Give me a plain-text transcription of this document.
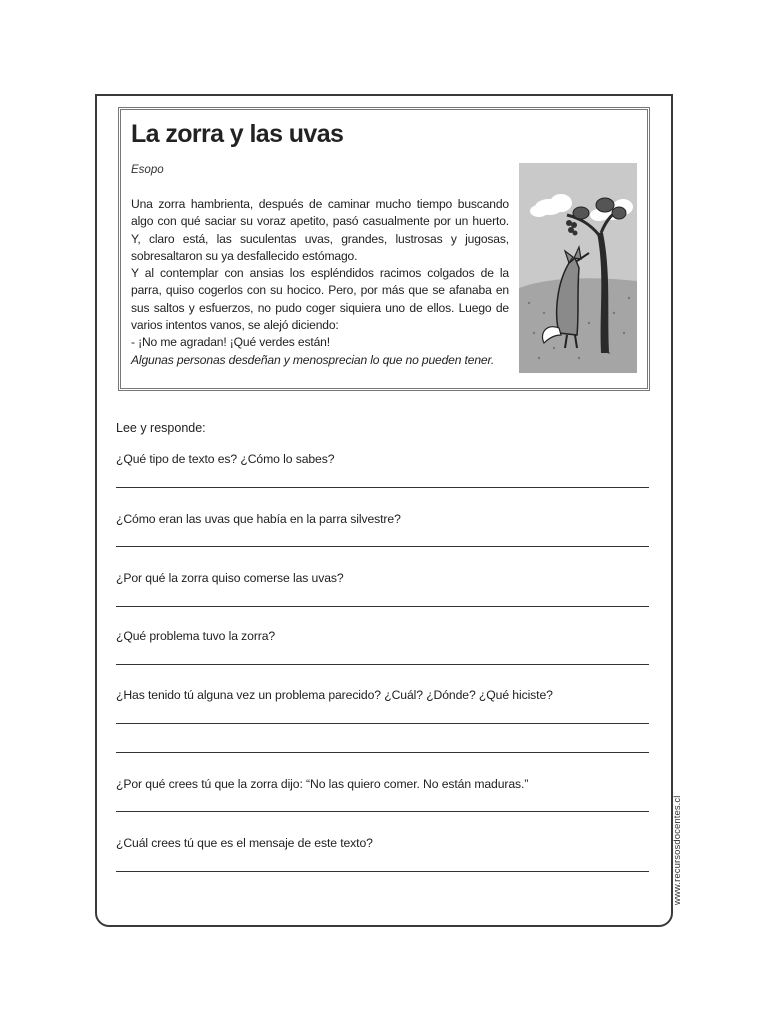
La zorra y las uvas
Esopo

Una zorra hambrienta, después de caminar mucho tiempo buscando algo con qué saciar su voraz apetito, pasó casualmente por un huerto. Y, claro está, las suculentas uvas, grandes, lustrosas y jugosas, sobresaltaron su ya desfallecido estómago.

Y al contemplar con ansias los espléndidos racimos colgados de la parra, quiso cogerlos con su hocico. Pero, por más que se afanaba en sus saltos y esfuerzos, no pudo coger siquiera uno de ellos. Luego de varios intentos vanos, se alejó diciendo:

- ¡No me agradan! ¡Qué verdes están!

Algunas personas desdeñan y menosprecian lo que no pueden tener.

Lee y responde:
¿Qué tipo de texto es? ¿Cómo lo sabes?
¿Cómo eran las uvas que había en la parra silvestre?
¿Por qué la zorra quiso comerse las uvas?
¿Qué problema tuvo la zorra?
¿Has tenido tú alguna vez un problema parecido? ¿Cuál? ¿Dónde? ¿Qué hiciste?
¿Por qué crees tú que la zorra dijo: “No las quiero comer. No están maduras.”
¿Cuál crees tú que es el mensaje de este texto?	www.recursosdocentes.cl
